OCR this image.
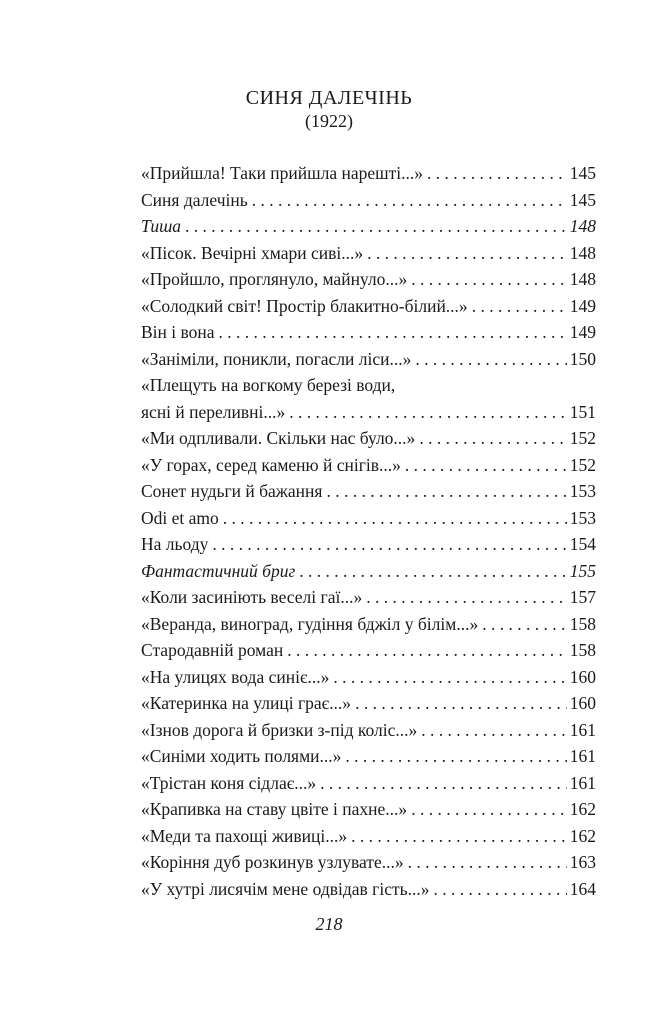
СИНЯ ДАЛЕЧІНЬ
(1922)
«Прийшла! Таки прийшла нарешті...» . . .	145
Синя далечінь . . .	145
Тиша . . .	148
«Пісок. Вечірні хмари сиві...» . . .	148
«Пройшло, проглянуло, майнуло...» . . .	148
«Солодкий світ! Простір блакитно-білий...» . . .	149
Він і вона . . .	149
«Заніміли, поникли, погасли ліси...» . . .	150
«Плещуть на вогкому березі води,
ясні й переливні...» . . .	151
«Ми одпливали. Скільки нас було...» . . .	152
«У горах, серед каменю й снігів...» . . .	152
Сонет нудьги й бажання . . .	153
Odi et amo . . .	153
На льоду . . .	154
Фантастичний бриг . . .	155
«Коли засиніють веселі гаї...» . . .	157
«Веранда, виноград, гудіння бджіл у білім...» . . .	158
Стародавній роман . . .	158
«На улицях вода синіє...» . . .	160
«Катеринка на улиці грає...» . . .	160
«Ізнов дорога й бризки з-під коліс...» . . .	161
«Синіми ходить полями...» . . .	161
«Трістан коня сідлає...» . . .	161
«Крапивка на ставу цвіте і пахне...» . . .	162
«Меди та пахощі живиці...» . . .	162
«Коріння дуб розкинув узлувате...» . . .	163
«У хутрі лисячім мене одвідав гість...» . . .	164
218
